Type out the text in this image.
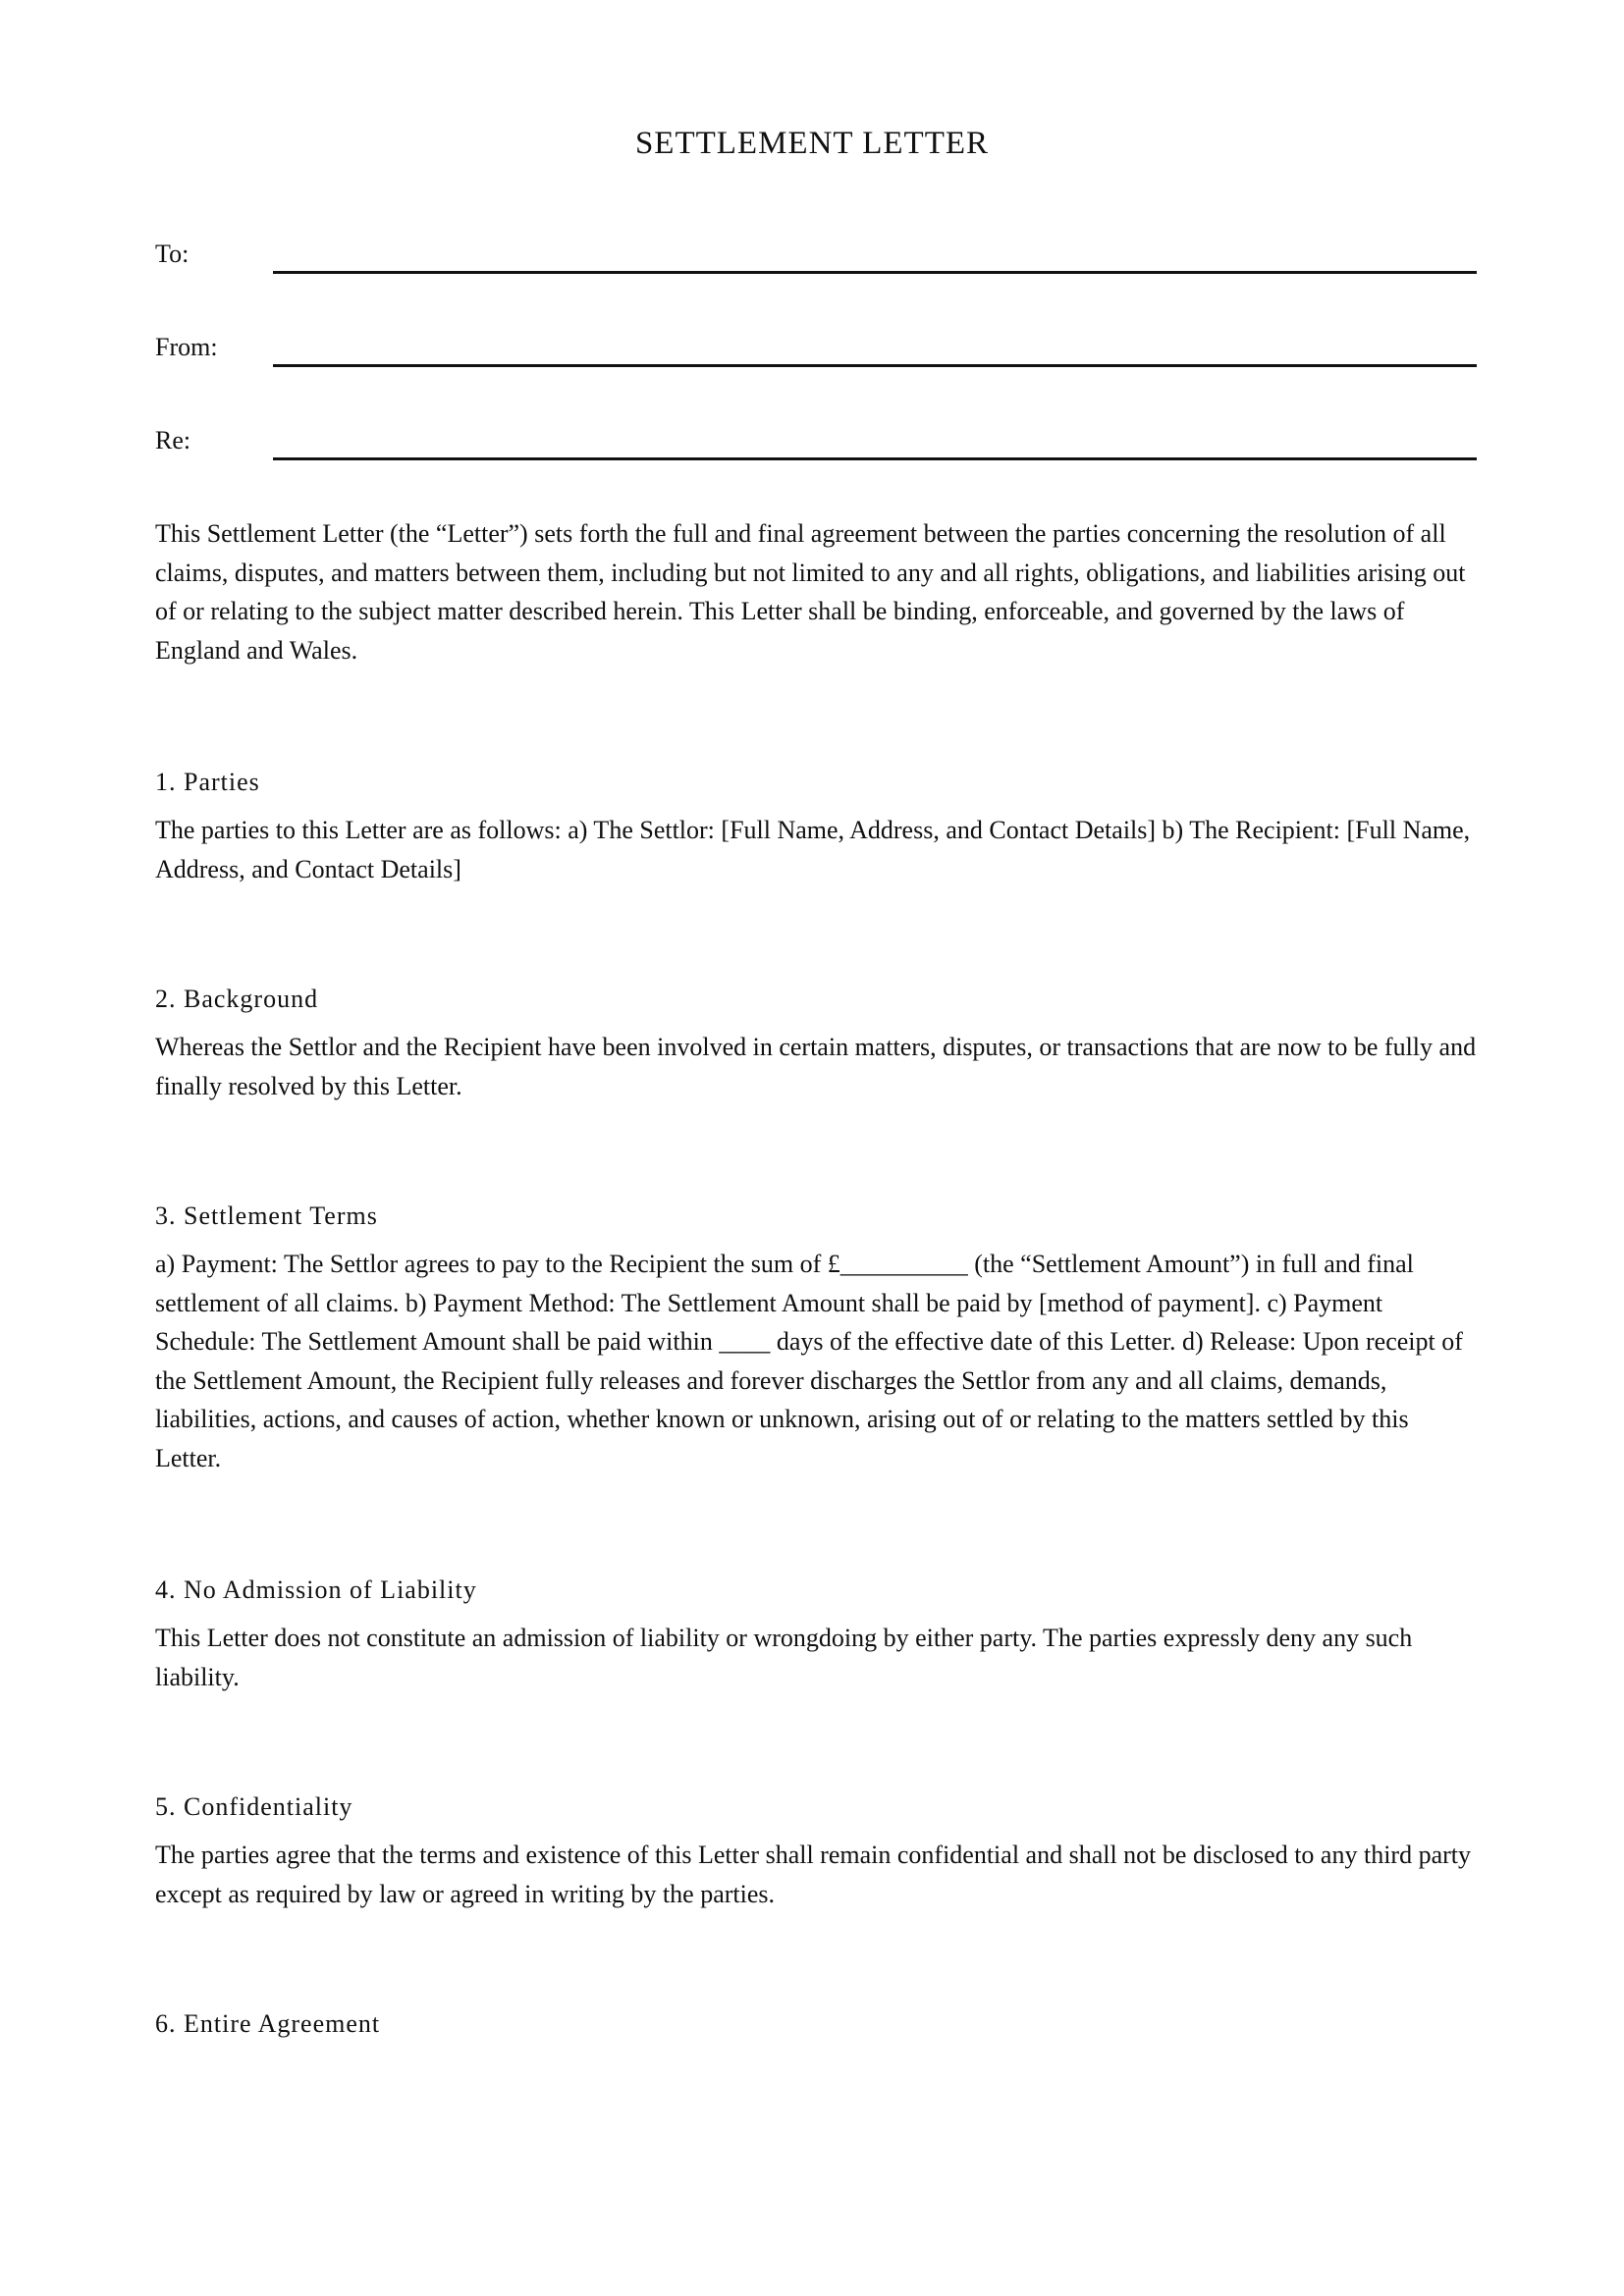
SETTLEMENT LETTER
To:
From:
Re:

This Settlement Letter (the “Letter”) sets forth the full and final agreement between the parties concerning the resolution of all claims, disputes, and matters between them, including but not limited to any and all rights, obligations, and liabilities arising out of or relating to the subject matter described herein. This Letter shall be binding, enforceable, and governed by the laws of England and Wales.

1. Parties

The parties to this Letter are as follows: a) The Settlor: [Full Name, Address, and Contact Details] b) The Recipient: [Full Name, Address, and Contact Details]

2. Background

Whereas the Settlor and the Recipient have been involved in certain matters, disputes, or transactions that are now to be fully and finally resolved by this Letter.

3. Settlement Terms

a) Payment: The Settlor agrees to pay to the Recipient the sum of £__________ (the “Settlement Amount”) in full and final settlement of all claims. b) Payment Method: The Settlement Amount shall be paid by [method of payment]. c) Payment Schedule: The Settlement Amount shall be paid within ____ days of the effective date of this Letter. d) Release: Upon receipt of the Settlement Amount, the Recipient fully releases and forever discharges the Settlor from any and all claims, demands, liabilities, actions, and causes of action, whether known or unknown, arising out of or relating to the matters settled by this Letter.

4. No Admission of Liability

This Letter does not constitute an admission of liability or wrongdoing by either party. The parties expressly deny any such liability.

5. Confidentiality

The parties agree that the terms and existence of this Letter shall remain confidential and shall not be disclosed to any third party except as required by law or agreed in writing by the parties.

6. Entire Agreement
